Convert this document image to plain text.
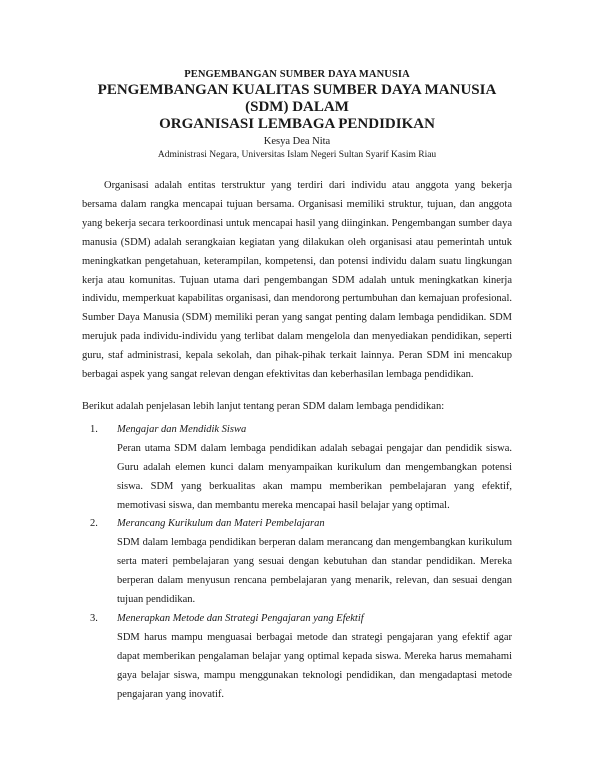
PENGEMBANGAN SUMBER DAYA MANUSIA

PENGEMBANGAN KUALITAS SUMBER DAYA MANUSIA (SDM) DALAM

ORGANISASI LEMBAGA PENDIDIKAN

Kesya Dea Nita

Administrasi Negara, Universitas Islam Negeri Sultan Syarif Kasim Riau

Organisasi adalah entitas terstruktur yang terdiri dari individu atau anggota yang bekerja bersama dalam rangka mencapai tujuan bersama. Organisasi memiliki struktur, tujuan, dan anggota yang bekerja secara terkoordinasi untuk mencapai hasil yang diinginkan. Pengembangan sumber daya manusia (SDM) adalah serangkaian kegiatan yang dilakukan oleh organisasi atau pemerintah untuk meningkatkan pengetahuan, keterampilan, kompetensi, dan potensi individu dalam suatu lingkungan kerja atau komunitas. Tujuan utama dari pengembangan SDM adalah untuk meningkatkan kinerja individu, memperkuat kapabilitas organisasi, dan mendorong pertumbuhan dan kemajuan profesional. Sumber Daya Manusia (SDM) memiliki peran yang sangat penting dalam lembaga pendidikan. SDM merujuk pada individu-individu yang terlibat dalam mengelola dan menyediakan pendidikan, seperti guru, staf administrasi, kepala sekolah, dan pihak-pihak terkait lainnya. Peran SDM ini mencakup berbagai aspek yang sangat relevan dengan efektivitas dan keberhasilan lembaga pendidikan.

Berikut adalah penjelasan lebih lanjut tentang peran SDM dalam lembaga pendidikan:

1.	Mengajar dan Mendidik Siswa
Peran utama SDM dalam lembaga pendidikan adalah sebagai pengajar dan pendidik siswa. Guru adalah elemen kunci dalam menyampaikan kurikulum dan mengembangkan potensi siswa. SDM yang berkualitas akan mampu memberikan pembelajaran yang efektif, memotivasi siswa, dan membantu mereka mencapai hasil belajar yang optimal.
2.	Merancang Kurikulum dan Materi Pembelajaran
SDM dalam lembaga pendidikan berperan dalam merancang dan mengembangkan kurikulum serta materi pembelajaran yang sesuai dengan kebutuhan dan standar pendidikan. Mereka berperan dalam menyusun rencana pembelajaran yang menarik, relevan, dan sesuai dengan tujuan pendidikan.
3.	Menerapkan Metode dan Strategi Pengajaran yang Efektif
SDM harus mampu menguasai berbagai metode dan strategi pengajaran yang efektif agar dapat memberikan pengalaman belajar yang optimal kepada siswa. Mereka harus memahami gaya belajar siswa, mampu menggunakan teknologi pendidikan, dan mengadaptasi metode pengajaran yang inovatif.
